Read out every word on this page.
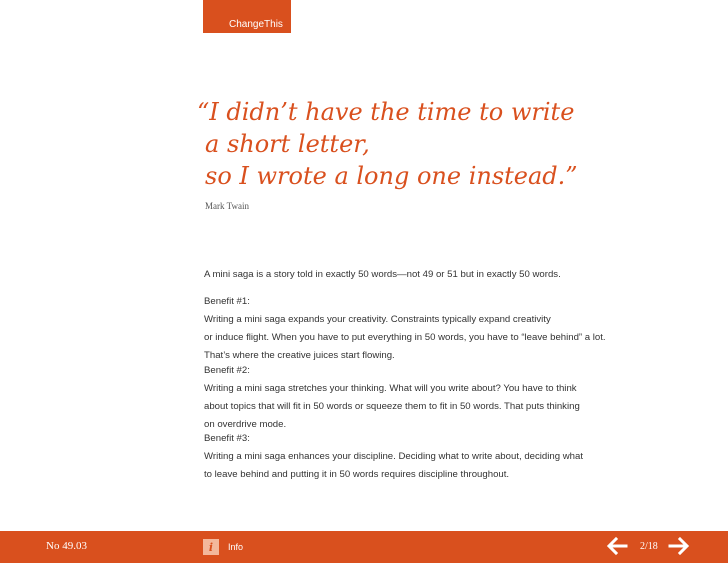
ChangeThis
“I didn’t have the time to write
a short letter,
so I wrote a long one instead.”
Mark Twain
A mini saga is a story told in exactly 50 words—not 49 or 51 but in exactly 50 words.
Benefit #1:
Writing a mini saga expands your creativity. Constraints typically expand creativity
or induce flight. When you have to put everything in 50 words, you have to “leave behind” a lot.
That’s where the creative juices start flowing.
Benefit #2:
Writing a mini saga stretches your thinking. What will you write about? You have to think
about topics that will fit in 50 words or squeeze them to fit in 50 words. That puts thinking
on overdrive mode.
Benefit #3:
Writing a mini saga enhances your discipline. Deciding what to write about, deciding what
to leave behind and putting it in 50 words requires discipline throughout.
No 49.03	i	Info	2/18
